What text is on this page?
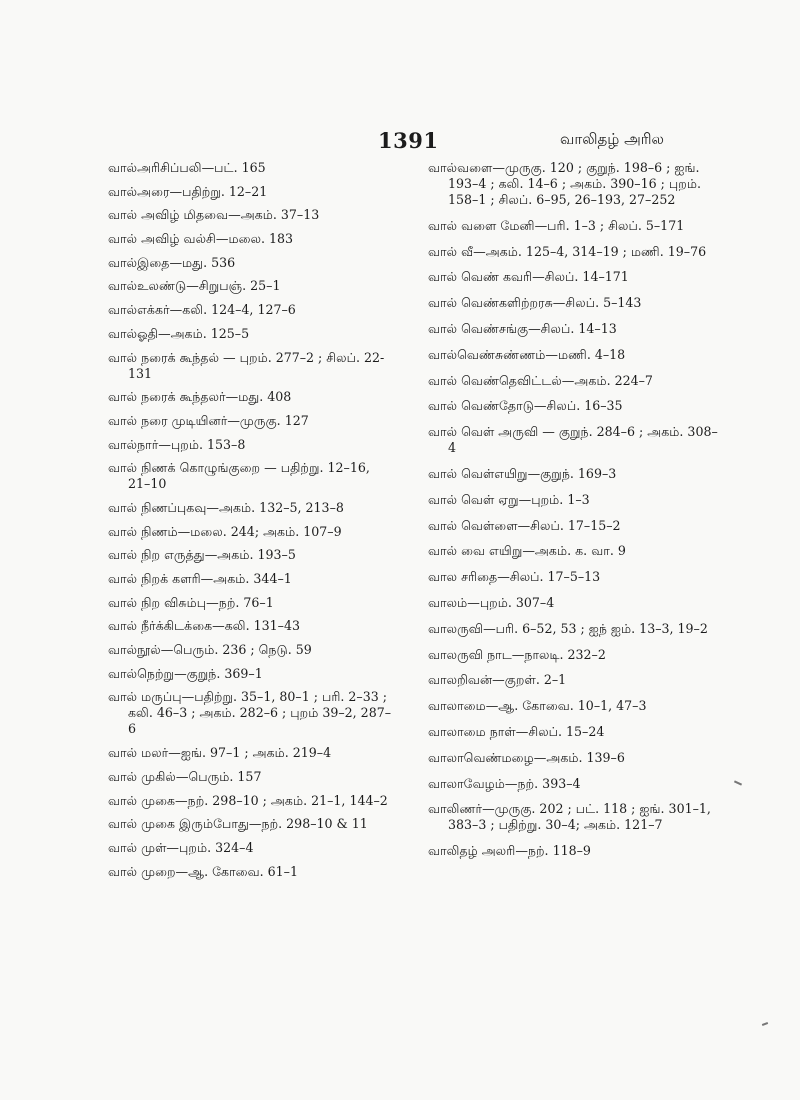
1391	வாலிதழ் அரில
வால்அரிசிப்பலி—பட். 165
வால்அரை—பதிற்று. 12–21
வால் அவிழ் மிதவை—அகம். 37–13
வால் அவிழ் வல்சி—மலை. 183
வால்இதை—மது. 536
வால்உலண்டு—சிறுபஞ். 25–1
வால்எக்கர்—கலி. 124–4, 127–6
வால்ஓதி—அகம். 125–5
வால் நரைக் கூந்தல் — புறம். 277–2 ; சிலப். 22-131
வால் நரைக் கூந்தலர்—மது. 408
வால் நரை முடியினர்—முருகு. 127
வால்நார்—புறம். 153–8
வால் நிணக் கொழுங்குறை — பதிற்று. 12–16, 21–10
வால் நிணப்புகவு—அகம். 132–5, 213–8
வால் நிணம்—மலை. 244; அகம். 107–9
வால் நிற எருத்து—அகம். 193–5
வால் நிறக் களரி—அகம். 344–1
வால் நிற விசும்பு—நற். 76–1
வால் நீர்க்கிடக்கை—கலி. 131–43
வால்நூல்—பெரும். 236 ; நெடு. 59
வால்நெற்று—குறுந். 369–1
வால் மருப்பு—பதிற்று. 35–1, 80–1 ; பரி. 2–33 ; கலி. 46–3 ; அகம். 282–6 ; புறம் 39–2, 287–6
வால் மலர்—ஐங். 97–1 ; அகம். 219–4
வால் முகில்—பெரும். 157
வால் முகை—நற். 298–10 ; அகம். 21–1, 144–2
வால் முகை இரும்போது—நற். 298–10 & 11
வால் முள்—புறம். 324–4
வால் முறை—ஆ. கோவை. 61–1
வால்வளை—முருகு. 120 ; குறுந். 198–6 ; ஐங். 193–4 ; கலி. 14–6 ; அகம். 390–16 ; புறம். 158–1 ; சிலப். 6–95, 26–193, 27–252
வால் வளை மேனி—பரி. 1–3 ; சிலப். 5–171
வால் வீ—அகம். 125–4, 314–19 ; மணி. 19–76
வால் வெண் கவரி—சிலப். 14–171
வால் வெண்களிற்றரசு—சிலப். 5–143
வால் வெண்சங்கு—சிலப். 14–13
வால்வெண்சுண்ணம்—மணி. 4–18
வால் வெண்தெவிட்டல்—அகம். 224–7
வால் வெண்தோடு—சிலப். 16–35
வால் வெள் அருவி — குறுந். 284–6 ; அகம். 308–4
வால் வெள்எயிறு—குறுந். 169–3
வால் வெள் ஏறு—புறம். 1–3
வால் வெள்ளை—சிலப். 17–15–2
வால் வை எயிறு—அகம். க. வா. 9
வால சரிதை—சிலப். 17–5–13
வாலம்—புறம். 307–4
வாலருவி—பரி. 6–52, 53 ; ஐந் ஐம். 13–3, 19–2
வாலருவி நாட—நாலடி. 232–2
வாலறிவன்—குறள். 2–1
வாலாமை—ஆ. கோவை. 10–1, 47–3
வாலாமை நாள்—சிலப். 15–24
வாலாவெண்மழை—அகம். 139–6
வாலாவேழம்—நற். 393–4
வாலிணர்—முருகு. 202 ; பட். 118 ; ஐங். 301–1, 383–3 ; பதிற்று. 30–4; அகம். 121–7
வாலிதழ் அலரி—நற். 118–9
